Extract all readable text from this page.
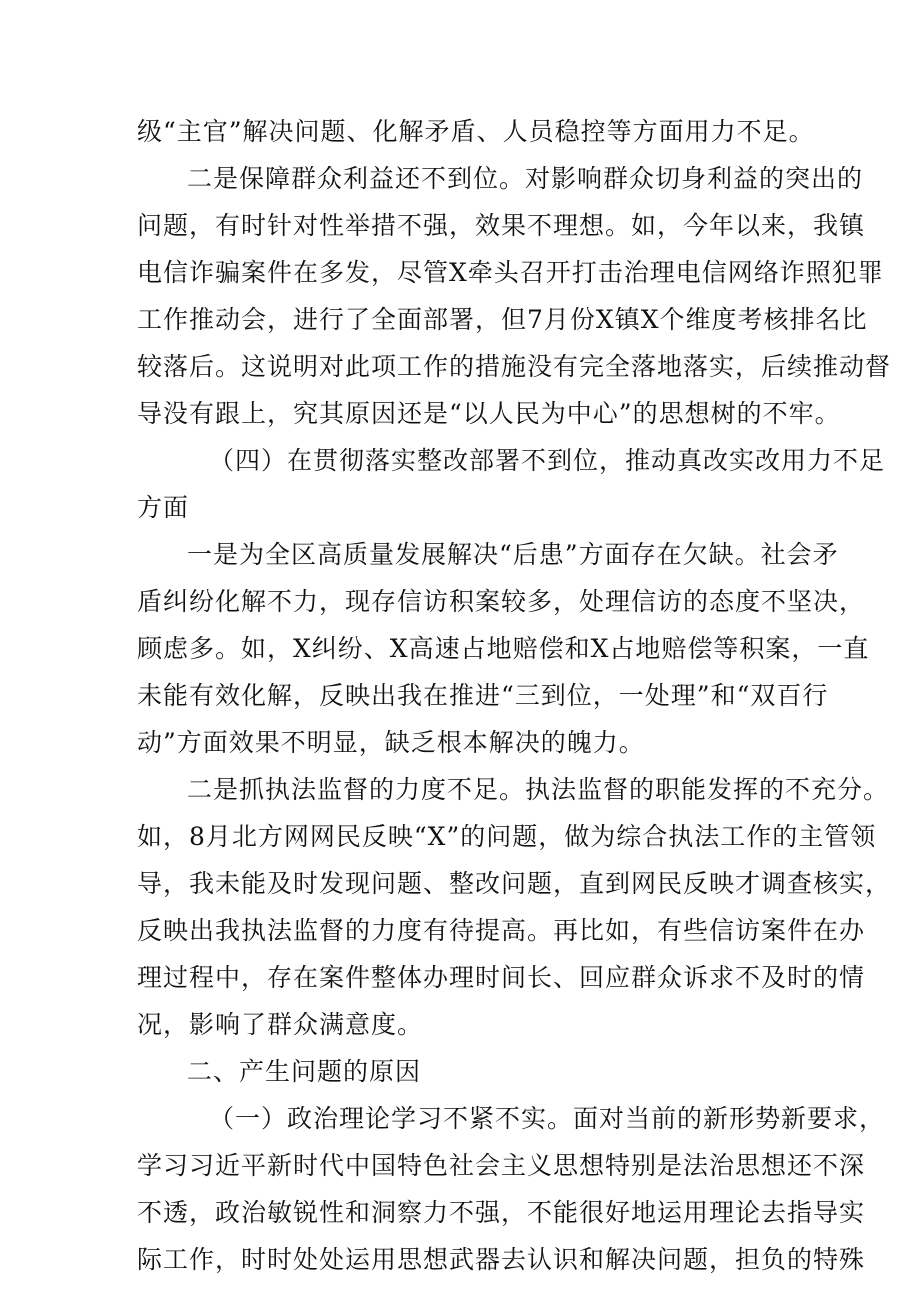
级“主官”解决问题、化解矛盾、人员稳控等方面用力不足。
二是保障群众利益还不到位。对影响群众切身利益的突出的
问题，有时针对性举措不强，效果不理想。如，今年以来，我镇
电信诈骗案件在多发，尽管X牵头召开打击治理电信网络诈照犯罪
工作推动会，进行了全面部署，但7月份X镇X个维度考核排名比
较落后。这说明对此项工作的措施没有完全落地落实，后续推动督
导没有跟上，究其原因还是“以人民为中心”的思想树的不牢。
（四）在贯彻落实整改部署不到位，推动真改实改用力不足
方面
一是为全区高质量发展解决“后患”方面存在欠缺。社会矛
盾纠纷化解不力，现存信访积案较多，处理信访的态度不坚决，
顾虑多。如，X纠纷、X高速占地赔偿和X占地赔偿等积案，一直
未能有效化解，反映出我在推进“三到位，一处理”和“双百行
动”方面效果不明显，缺乏根本解决的魄力。
二是抓执法监督的力度不足。执法监督的职能发挥的不充分。
如，8月北方网网民反映“X”的问题，做为综合执法工作的主管领
导，我未能及时发现问题、整改问题，直到网民反映才调查核实，
反映出我执法监督的力度有待提高。再比如，有些信访案件在办
理过程中，存在案件整体办理时间长、回应群众诉求不及时的情
况，影响了群众满意度。
二、产生问题的原因
（一）政治理论学习不紧不实。面对当前的新形势新要求，
学习习近平新时代中国特色社会主义思想特别是法治思想还不深
不透，政治敏锐性和洞察力不强，不能很好地运用理论去指导实
际工作，时时处处运用思想武器去认识和解决问题，担负的特殊
